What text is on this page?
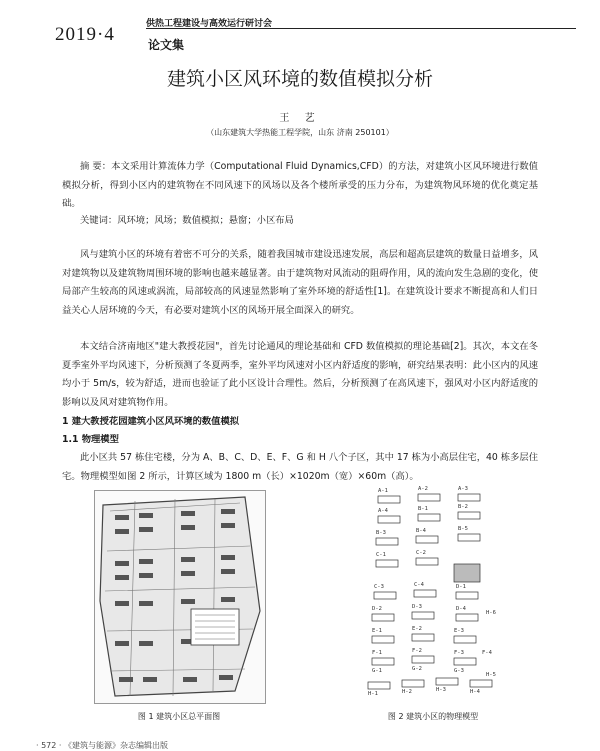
2019·4	供热工程建设与高效运行研讨会
论文集
建筑小区风环境的数值模拟分析
王 艺
（山东建筑大学热能工程学院，山东 济南 250101）
摘 要：本文采用计算流体力学（Computational Fluid Dynamics,CFD）的方法，对建筑小区风环境进行数值模拟分析，得到小区内的建筑物在不同风速下的风场以及各个楼所承受的压力分布，为建筑物风环境的优化奠定基础。
关键词：风环境；风场；数值模拟；悬窗；小区布局
风与建筑小区的环境有着密不可分的关系，随着我国城市建设迅速发展，高层和超高层建筑的数量日益增多，风对建筑物以及建筑物周围环境的影响也越来越显著。由于建筑物对风流动的阻碍作用，风的流向发生急剧的变化，使局部产生较高的风速或涡流，局部较高的风速显然影响了室外环境的舒适性[1]。在建筑设计要求不断提高和人们日益关心人居环境的今天，有必要对建筑小区的风场开展全面深入的研究。
本文结合济南地区"建大教授花园"，首先讨论通风的理论基础和 CFD 数值模拟的理论基础[2]。其次，本文在冬夏季室外平均风速下，分析预测了冬夏两季，室外平均风速对小区内舒适度的影响，研究结果表明：此小区内的风速均小于 5m/s，较为舒适，进而也验证了此小区设计合理性。然后，分析预测了在高风速下，强风对小区内舒适度的影响以及风对建筑物作用。
1 建大教授花园建筑小区风环境的数值模拟
1.1 物理模型
此小区共 57 栋住宅楼，分为 A、B、C、D、E、F、G 和 H 八个子区，其中 17 栋为小高层住宅，40 栋多层住宅。物理模型如图 2 所示，计算区域为 1800 m（长）×1020m（宽）×60m（高）。
图 1 建筑小区总平面图
A-1	A-2	A-3
A-4	B-1	B-2
B-3	B-4	B-5
C-1	C-2
C-3	C-4	D-1
D-2	D-3	D-4
E-1	E-2	E-3
F-1	F-2	F-3	F-4
G-1	G-2	G-3
H-1	H-2	H-3	H-4
H-5
H-6
图 2 建筑小区的物理模型
· 572 · 《建筑与能源》杂志编辑出版
